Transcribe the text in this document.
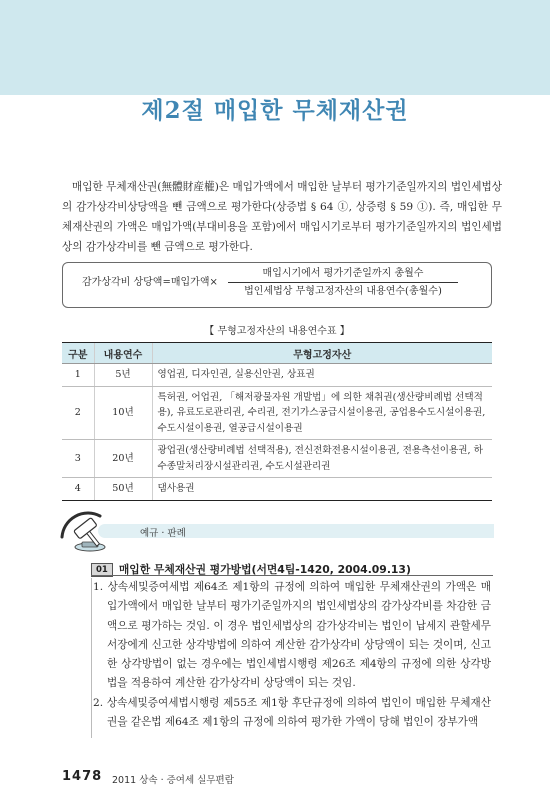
제2절 매입한 무체재산권

매입한 무체재산권(無體財産權)은 매입가액에서 매입한 날부터 평가기준일까지의 법인세법상의 감가상각비상당액을 뺀 금액으로 평가한다(상증법 § 64 ①, 상증령 § 59 ①). 즉, 매입한 무체재산권의 가액은 매입가액(부대비용을 포함)에서 매입시기로부터 평가기준일까지의 법인세법상의 감가상각비를 뺀 금액으로 평가한다.

감가상각비 상당액=매입가액×
매입시기에서 평가기준일까지 총월수
법인세법상 무형고정자산의 내용연수(총월수)
【 무형고정자산의 내용연수표 】
구분	내용연수	무형고정자산
1	5년	영업권, 디자인권, 실용신안권, 상표권
2	10년	특허권, 어업권, 「해저광물자원 개발법」에 의한 채취권(생산량비례법 선택적용), 유료도로관리권, 수리권, 전기가스공급시설이용권, 공업용수도시설이용권, 수도시설이용권, 열공급시설이용권
3	20년	광업권(생산량비례법 선택적용), 전신전화전용시설이용권, 전용측선이용권, 하수종말처리장시설관리권, 수도시설관리권
4	50년	댐사용권
예규 · 판례
01 매입한 무체재산권 평가방법(서면4팀-1420, 2004.09.13)
1. 상속세및증여세법 제64조 제1항의 규정에 의하여 매입한 무체재산권의 가액은 매입가액에서 매입한 날부터 평가기준일까지의 법인세법상의 감가상각비를 차감한 금액으로 평가하는 것임. 이 경우 법인세법상의 감가상각비는 법인이 납세지 관할세무서장에게 신고한 상각방법에 의하여 계산한 감가상각비 상당액이 되는 것이며, 신고한 상각방법이 없는 경우에는 법인세법시행령 제26조 제4항의 규정에 의한 상각방법을 적용하여 계산한 감가상각비 상당액이 되는 것임.
2. 상속세및증여세법시행령 제55조 제1항 후단규정에 의하여 법인이 매입한 무체재산권을 같은법 제64조 제1항의 규정에 의하여 평가한 가액이 당해 법인이 장부가액
1478 2011 상속 · 증여세 실무편람
